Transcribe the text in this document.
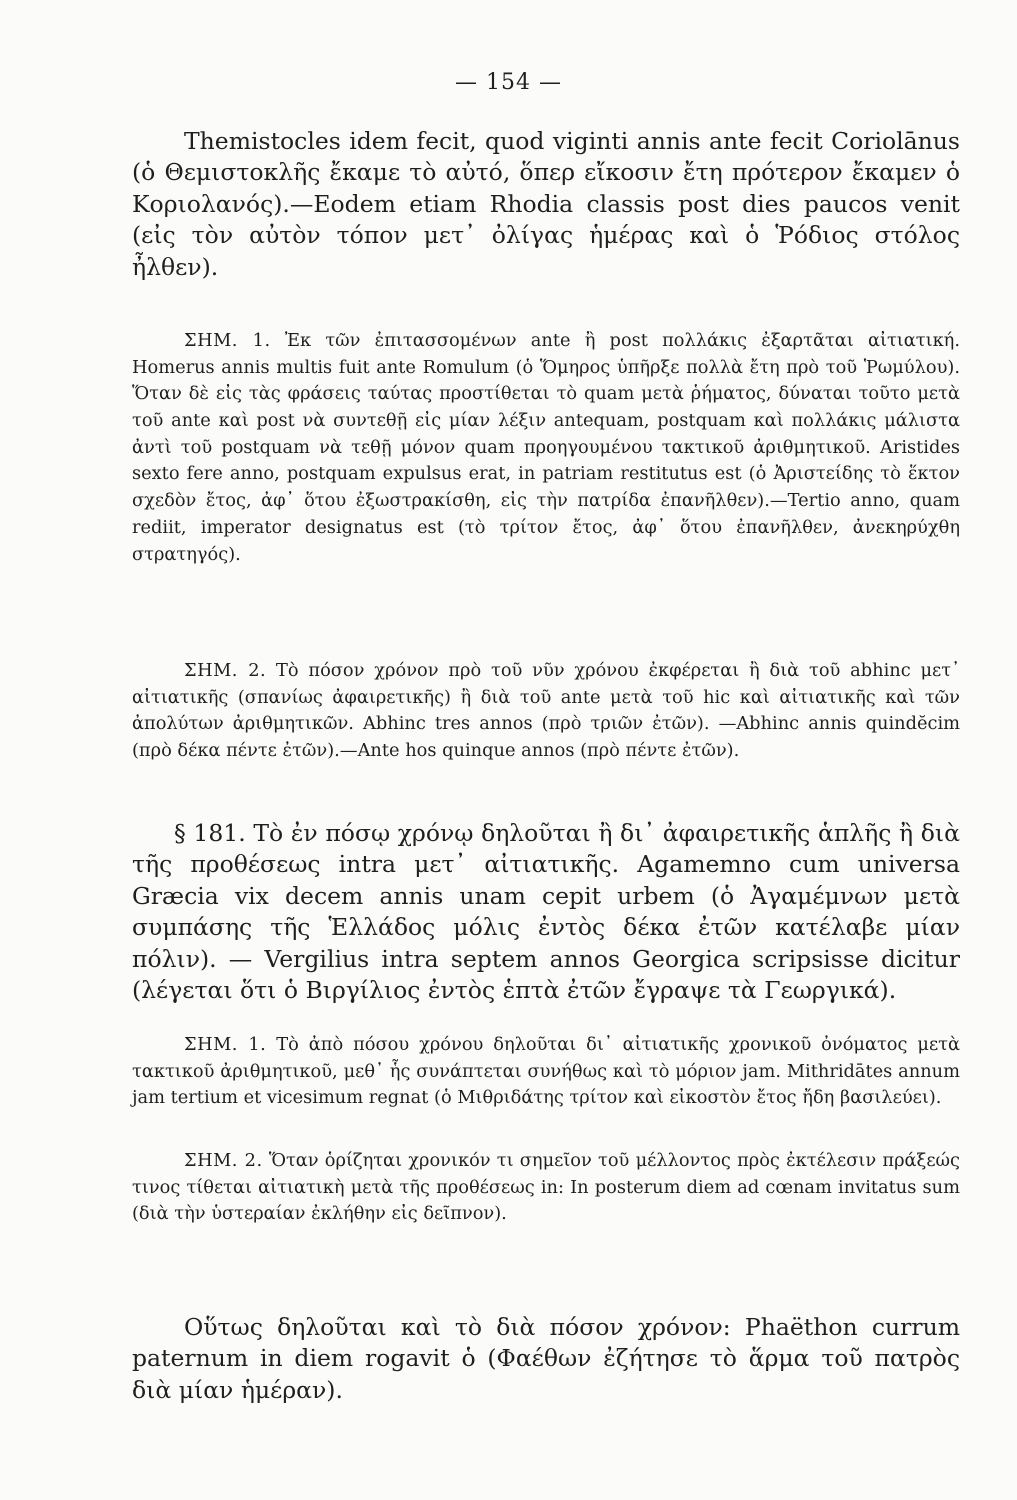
— 154 —

Themistocles idem fecit, quod viginti annis ante fecit Coriolānus (ὁ Θεμιστοκλῆς ἔκαμε τὸ αὐτό, ὅπερ εἴκοσιν ἔτη πρότερον ἔκαμεν ὁ Κοριολανός).—Eodem etiam Rhodia classis post dies paucos venit (εἰς τὸν αὐτὸν τόπον μετ᾽ ὀλίγας ἡμέρας καὶ ὁ Ῥόδιος στόλος ἦλθεν).

ΣΗΜ. 1. Ἐκ τῶν ἐπιτασσομένων ante ἢ post πολλάκις ἐξαρτᾶται αἰτιατική. Homerus annis multis fuit ante Romulum (ὁ Ὅμηρος ὑπῆρξε πολλὰ ἔτη πρὸ τοῦ Ῥωμύλου). Ὅταν δὲ εἰς τὰς φράσεις ταύτας προστίθεται τὸ quam μετὰ ῥήματος, δύναται τοῦτο μετὰ τοῦ ante καὶ post νὰ συντεθῇ εἰς μίαν λέξιν antequam, postquam καὶ πολλάκις μάλιστα ἀντὶ τοῦ postquam νὰ τεθῇ μόνον quam προηγουμένου τακτικοῦ ἀριθμητικοῦ. Aristides sexto fere anno, postquam expulsus erat, in patriam restitutus est (ὁ Ἀριστείδης τὸ ἕκτον σχεδὸν ἔτος, ἀφ᾽ ὅτου ἐξωστρακίσθη, εἰς τὴν πατρίδα ἐπανῆλθεν).—Tertio anno, quam rediit, imperator designatus est (τὸ τρίτον ἔτος, ἀφ᾽ ὅτου ἐπανῆλθεν, ἀνεκηρύχθη στρατηγός).

ΣΗΜ. 2. Τὸ πόσον χρόνον πρὸ τοῦ νῦν χρόνου ἐκφέρεται ἢ διὰ τοῦ abhinc μετ᾽ αἰτιατικῆς (σπανίως ἀφαιρετικῆς) ἢ διὰ τοῦ ante μετὰ τοῦ hic καὶ αἰτιατικῆς καὶ τῶν ἀπολύτων ἀριθμητικῶν. Abhinc tres annos (πρὸ τριῶν ἐτῶν). —Abhinc annis quindĕcim (πρὸ δέκα πέντε ἐτῶν).—Ante hos quinque annos (πρὸ πέντε ἐτῶν).

§ 181. Τὸ ἐν πόσῳ χρόνῳ δηλοῦται ἢ δι᾽ ἀφαιρετικῆς ἁπλῆς ἢ διὰ τῆς προθέσεως intra μετ᾽ αἰτιατικῆς. Agamemno cum universa Græcia vix decem annis unam cepit urbem (ὁ Ἀγαμέμνων μετὰ συμπάσης τῆς Ἑλλάδος μόλις ἐντὸς δέκα ἐτῶν κατέλαβε μίαν πόλιν). — Vergilius intra septem annos Georgica scripsisse dicitur (λέγεται ὅτι ὁ Βιργίλιος ἐντὸς ἑπτὰ ἐτῶν ἔγραψε τὰ Γεωργικά).

ΣΗΜ. 1. Τὸ ἀπὸ πόσου χρόνου δηλοῦται δι᾽ αἰτιατικῆς χρονικοῦ ὀνόματος μετὰ τακτικοῦ ἀριθμητικοῦ, μεθ᾽ ἧς συνάπτεται συνήθως καὶ τὸ μόριον jam. Mithridātes annum jam tertium et vicesimum regnat (ὁ Μιθριδάτης τρίτον καὶ εἰκοστὸν ἔτος ἤδη βασιλεύει).

ΣΗΜ. 2. Ὅταν ὁρίζηται χρονικόν τι σημεῖον τοῦ μέλλοντος πρὸς ἐκτέλεσιν πράξεώς τινος τίθεται αἰτιατικὴ μετὰ τῆς προθέσεως in: In posterum diem ad cœnam invitatus sum (διὰ τὴν ὑστεραίαν ἐκλήθην εἰς δεῖπνον).

Οὕτως δηλοῦται καὶ τὸ διὰ πόσον χρόνον: Phaëthon currum paternum in diem rogavit ὁ (Φαέθων ἐζήτησε τὸ ἅρμα τοῦ πατρὸς διὰ μίαν ἡμέραν).
